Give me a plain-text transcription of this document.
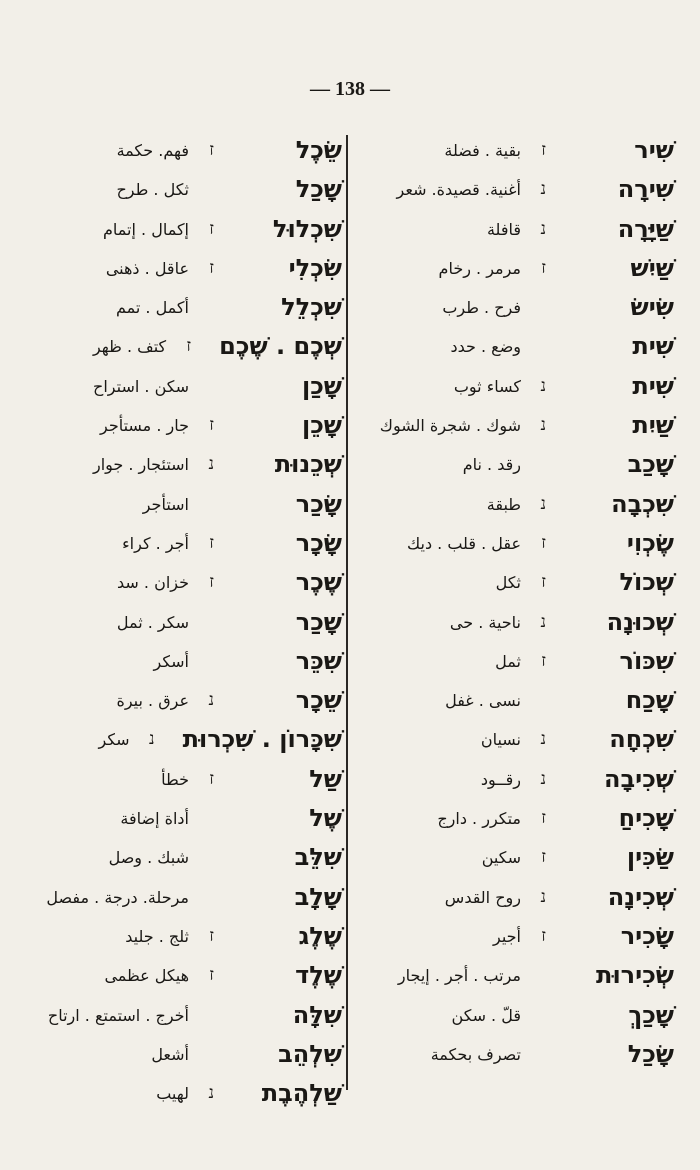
— 138 —
שִׁיר
ז
بقية . فضلة
שִׁירָה
נ
أغنية. قصيدة. شعر
שַׁיָּרָה
נ
قافلة
שַׁיִשׁ
ז
مرمر . رخام
שִׂישׂ
فرح . طرب
שִׁית
وضع . حدد
שִׁית
נ
كساء ثوب
שַׁיִת
נ
شوك . شجرة الشوك
שָׁכַב
رقد . نام
שִׁכְבָה
נ
طبقة
שֶׂכְוִי
ז
عقل . قلب . ديك
שְׁכוֹל
ז
ثكل
שְׁכוּנָה
נ
ناحية . حى
שִׁכּוֹר
ז
ثمل
שָׁכַח
نسى . غفل
שִׁכְחָה
נ
نسيان
שְׁכִיבָה
נ
رقــود
שָׁכִיחַ
ז
متكرر . دارج
שַׂכִּין
ז
سكين
שְׁכִינָה
נ
روح القدس
שָׂכִיר
ז
أجير
שְׂכִירוּת
مرتب . أجر . إيجار
שָׁכַךְ
قلّ . سكن
שָׂכַל
تصرف بحكمة
שֵׂכֶל
ז
فهم. حكمة
שָׁכַל
ثكل . طرح
שִׁכְלוּל
ז
إكمال . إتمام
שִׂכְלִי
ז
عاقل . ذهنى
שִׁכְלֵל
أكمل . تمم
שְׁכֶם . שֶׁכֶם
ז
كتف . ظهر
שָׁכַן
سكن . استراح
שָׁכֵן
ז
جار . مستأجر
שְׁכֵנוּת
נ
استئجار . جوار
שָׂכַר
استأجر
שָׂכָר
ז
أجر . كراء
שֶׁכֶר
ז
خزان . سد
שָׁכַר
سكر . ثمل
שִׁכֵּר
أسكر
שֵׁכָר
נ
عرق . بيرة
שִׁכָּרוֹן . שִׁכְרוּת
נ
سكر
שַׁל
ז
خطأ
שֶׁל
أداة إضافة
שִׁלֵּב
شبك . وصل
שָׁלָב
مرحلة. درجة . مفصل
שֶׁלֶג
ז
ثلج . جليد
שֶׁלֶד
ז
هيكل عظمى
שִׁלָּה
أخرج . استمتع . ارتاح
שִׁלְהֵב
أشعل
שַׁלְהֶבֶת
נ
لهيب
